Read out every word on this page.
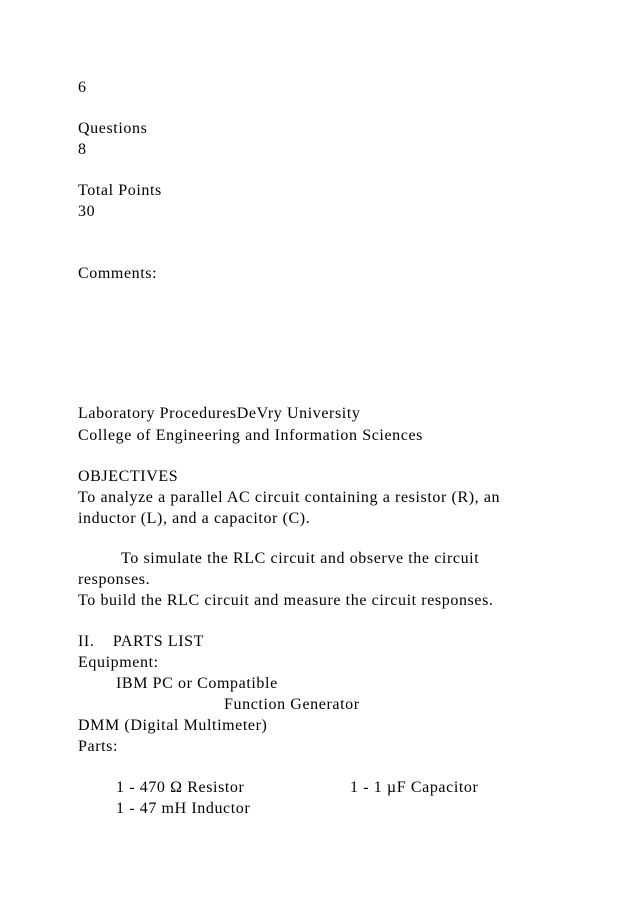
6

Questions

8

Total Points

30

Comments:

Laboratory ProceduresDeVry University

College of Engineering and Information Sciences

OBJECTIVES

To analyze a parallel AC circuit containing a resistor (R), an

inductor (L), and a capacitor (C).

To simulate the RLC circuit and observe the circuit

responses.

To build the RLC circuit and measure the circuit responses.

II.    PARTS LIST

Equipment:

IBM PC or Compatible

Function Generator

DMM (Digital Multimeter)

Parts:

1 - 470 Ω Resistor	1 - 1 µF Capacitor

1 - 47 mH Inductor
